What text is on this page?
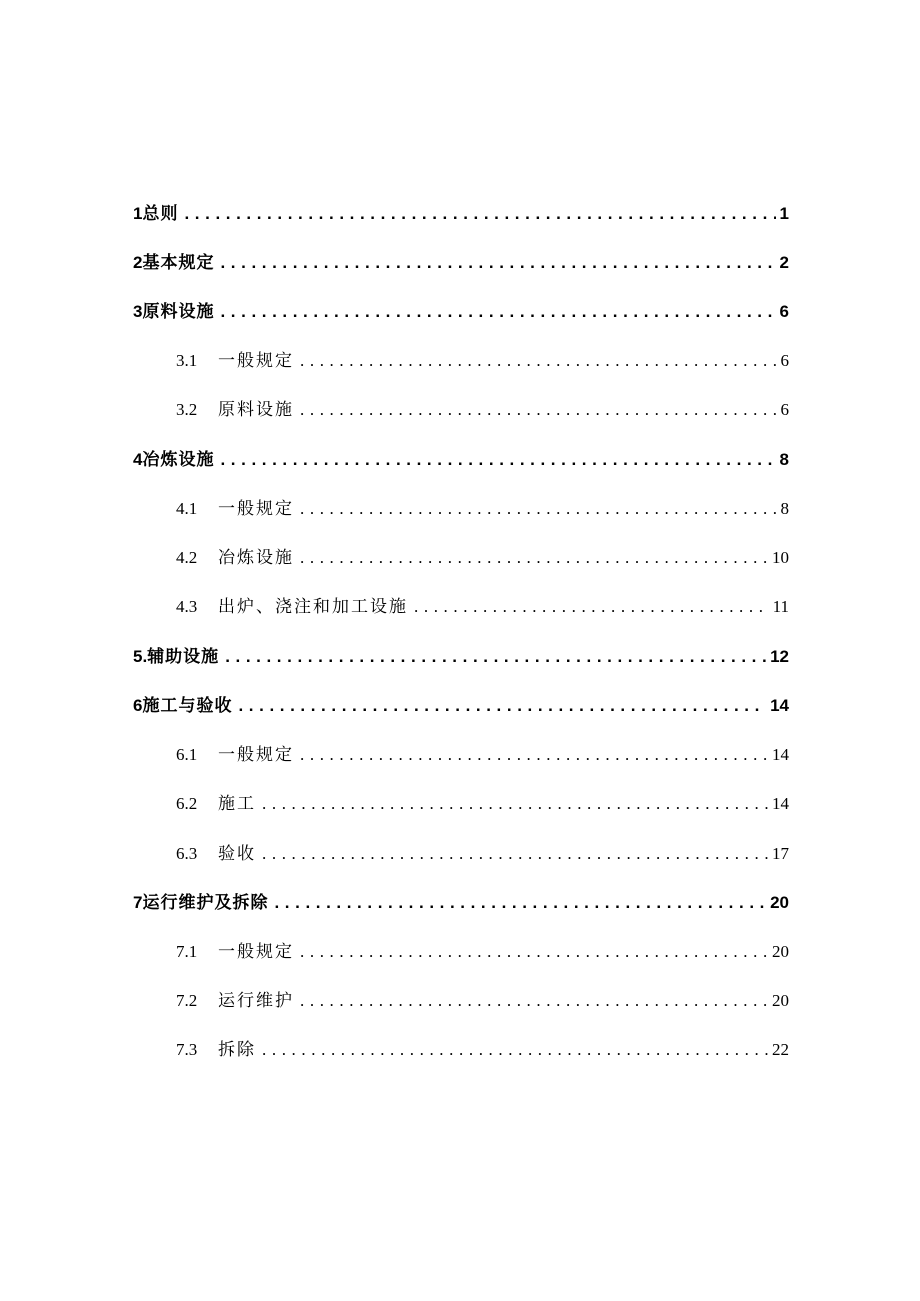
1 总则 .....	1
2 基本规定 .....	2
3 原料设施 .....	6
3.1	一般规定 .....	6
3.2	原料设施 .....	6
4 冶炼设施 .....	8
4.1	一般规定 .....	8
4.2	冶炼设施 .....	10
4.3	出炉、浇注和加工设施 .....	11
5. 辅助设施 .....	12
6 施工与验收 .....	14
6.1	一般规定 .....	14
6.2	施工 .....	14
6.3	验收 .....	17
7 运行维护及拆除 .....	20
7.1	一般规定 .....	20
7.2	运行维护 .....	20
7.3	拆除 .....	22
